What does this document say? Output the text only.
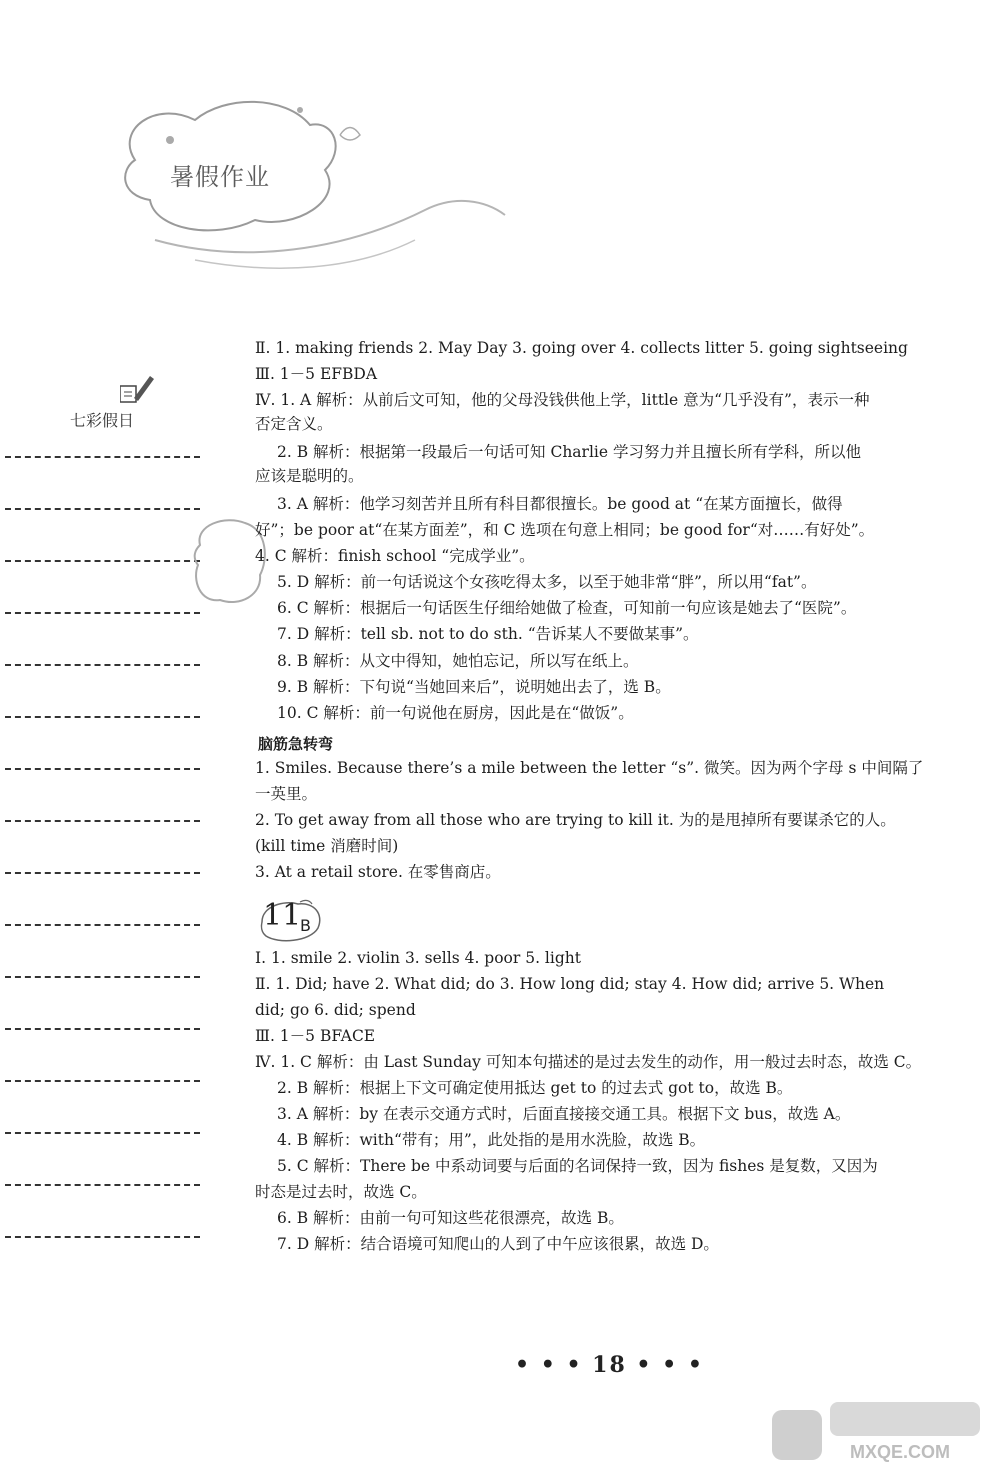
暑假作业
七彩假日
Ⅱ. 1. making friends 2. May Day 3. going over 4. collects litter 5. going sightseeing
Ⅲ. 1－5 EFBDA
Ⅳ. 1. A 解析：从前后文可知，他的父母没钱供他上学，little 意为“几乎没有”，表示一种
否定含义。
2. B 解析：根据第一段最后一句话可知 Charlie 学习努力并且擅长所有学科，所以他
应该是聪明的。
3. A 解析：他学习刻苦并且所有科目都很擅长。be good at “在某方面擅长，做得
好”；be poor at“在某方面差”，和 C 选项在句意上相同；be good for“对……有好处”。
4. C 解析：finish school “完成学业”。
5. D 解析：前一句话说这个女孩吃得太多，以至于她非常“胖”，所以用“fat”。
6. C 解析：根据后一句话医生仔细给她做了检查，可知前一句应该是她去了“医院”。
7. D 解析：tell sb. not to do sth. “告诉某人不要做某事”。
8. B 解析：从文中得知，她怕忘记，所以写在纸上。
9. B 解析：下句说“当她回来后”，说明她出去了，选 B。
10. C 解析：前一句说他在厨房，因此是在“做饭”。
脑筋急转弯
1. Smiles. Because there’s a mile between the letter “s”. 微笑。因为两个字母 s 中间隔了
一英里。
2. To get away from all those who are trying to kill it. 为的是甩掉所有要谋杀它的人。
(kill time 消磨时间)
3. At a retail store. 在零售商店。
11
B
Ⅰ. 1. smile 2. violin 3. sells 4. poor 5. light
Ⅱ. 1. Did; have 2. What did; do 3. How long did; stay 4. How did; arrive 5. When
did; go 6. did; spend
Ⅲ. 1－5 BFACE
Ⅳ. 1. C 解析：由 Last Sunday 可知本句描述的是过去发生的动作，用一般过去时态，故选 C。
2. B 解析：根据上下文可确定使用抵达 get to 的过去式 got to，故选 B。
3. A 解析：by 在表示交通方式时，后面直接接交通工具。根据下文 bus，故选 A。
4. B 解析：with“带有；用”，此处指的是用水洗脸，故选 B。
5. C 解析：There be 中系动词要与后面的名词保持一致，因为 fishes 是复数，又因为
时态是过去时，故选 C。
6. B 解析：由前一句可知这些花很漂亮，故选 B。
7. D 解析：结合语境可知爬山的人到了中午应该很累，故选 D。
• • • 18 • • •
MXQE.COM
